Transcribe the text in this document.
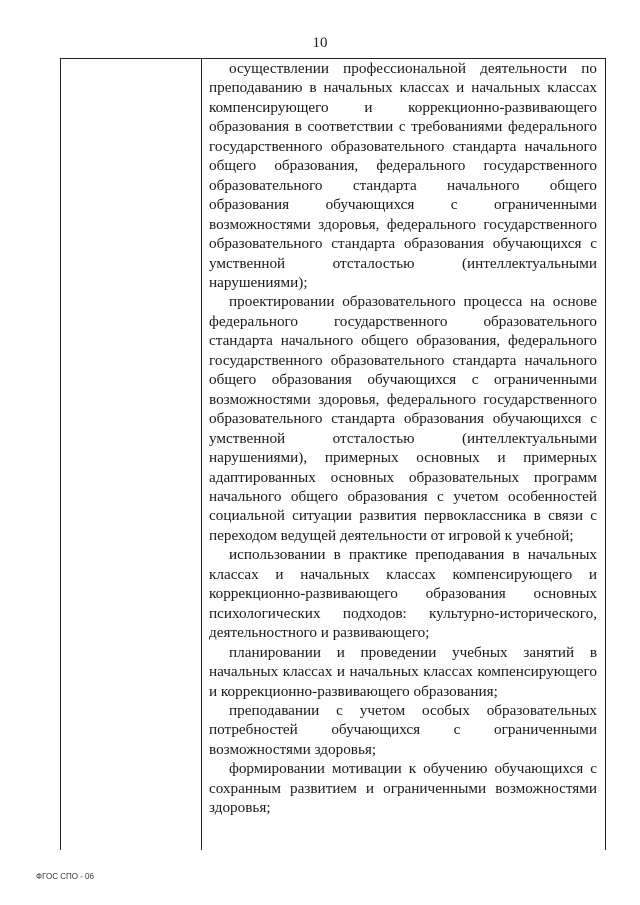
10

осуществлении профессиональной деятельности по преподаванию в начальных классах и начальных классах компенсирующего и коррекционно-развивающего образования в соответствии с требованиями федерального государственного образовательного стандарта начального общего образования, федерального государственного образовательного стандарта начального общего образования обучающихся с ограниченными возможностями здоровья, федерального государственного образовательного стандарта образования обучающихся с умственной отсталостью (интеллектуальными нарушениями);

проектировании образовательного процесса на основе федерального государственного образовательного стандарта начального общего образования, федерального государственного образовательного стандарта начального общего образования обучающихся с ограниченными возможностями здоровья, федерального государственного образовательного стандарта образования обучающихся с умственной отсталостью (интеллектуальными нарушениями), примерных основных и примерных адаптированных основных образовательных программ начального общего образования с учетом особенностей социальной ситуации развития первоклассника в связи с переходом ведущей деятельности от игровой к учебной;

использовании в практике преподавания в начальных классах и начальных классах компенсирующего и коррекционно-развивающего образования основных психологических подходов: культурно-исторического, деятельностного и развивающего;

планировании и проведении учебных занятий в начальных классах и начальных классах компенсирующего и коррекционно-развивающего образования;

преподавании с учетом особых образовательных потребностей обучающихся с ограниченными возможностями здоровья;

формировании мотивации к обучению обучающихся с сохранным развитием и ограниченными возможностями здоровья;

ФГОС СПО - 06
